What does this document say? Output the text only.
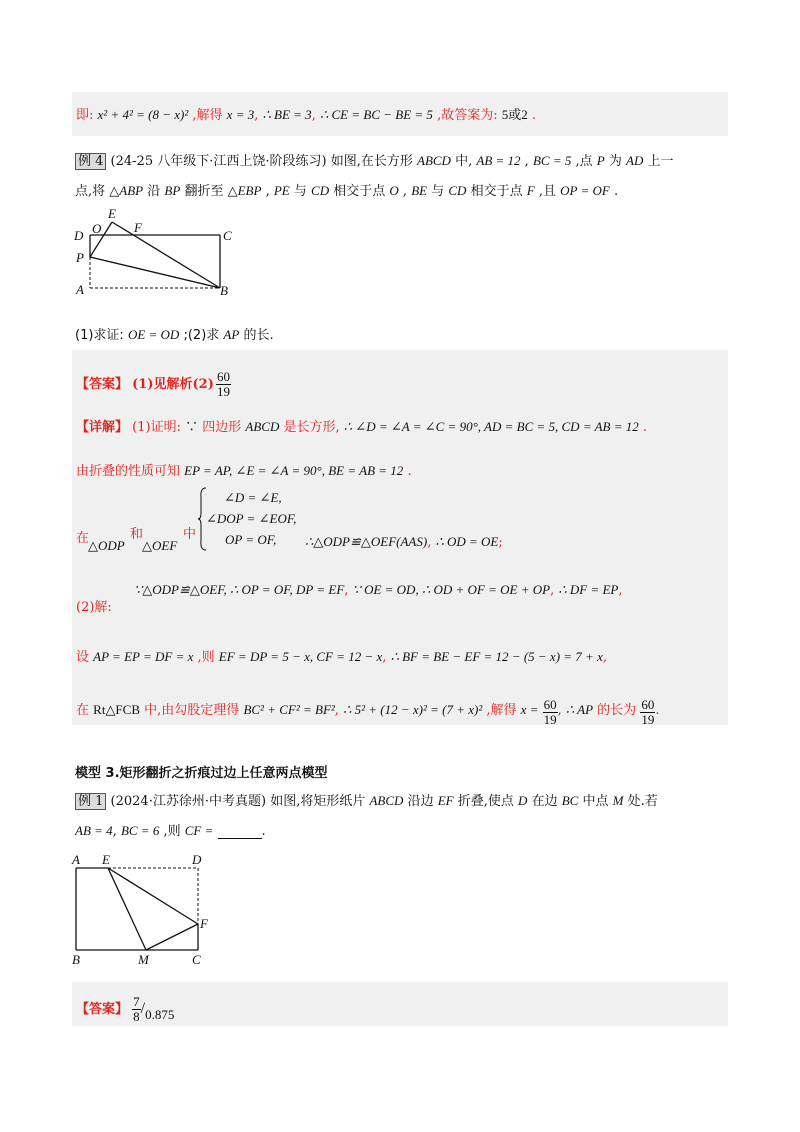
即: x² + 4² = (8 − x)² ,解得 x = 3, ∴ BE = 3, ∴ CE = BC − BE = 5 ,故答案为: 5或2 .
例 4 (24-25 八年级下·江西上饶·阶段练习) 如图,在长方形 ABCD 中, AB = 12 , BC = 5 ,点 P 为 AD 上一
点,将 △ABP 沿 BP 翻折至 △EBP , PE 与 CD 相交于点 O , BE 与 CD 相交于点 F ,且 OP = OF .
E
O	F
D	C
P
A	B
(1)求证: OE = OD ;(2)求 AP 的长.
【答案】 (1)见解析$(2) \frac{60}{19}$
【详解】 (1)证明: ∵ 四边形 ABCD 是长方形, ∴ ∠D = ∠A = ∠C = 90°, AD = BC = 5, CD = AB = 12 .
由折叠的性质可知 EP = AP, ∠E = ∠A = 90°, BE = AB = 12 .
在
△ODP
和
△OEF
中
∠D = ∠E,
∠DOP = ∠EOF,
OP = OF, ∴△ODP≌△OEF(AAS), ∴ OD = OE;
(2)解:
∵△ODP≌△OEF, ∴ OP = OF, DP = EF, ∵ OE = OD, ∴ OD + OF = OE + OP, ∴ DF = EP,
设 AP = EP = DF = x ,则 EF = DP = 5 − x, CF = 12 − x, ∴ BF = BE − EF = 12 − (5 − x) = 7 + x,
在 Rt△FCB 中,由勾股定理得 BC² + CF² = BF², ∴ 5² + (12 − x)² = (7 + x)² ,解得 $x = \frac{60}{19}$ , ∴ AP 的长为 $\frac{60}{19}$ .
模型 3.矩形翻折之折痕过边上任意两点模型
例 1 (2024·江苏徐州·中考真题) 如图,将矩形纸片 ABCD 沿边 EF 折叠,使点 D 在边 BC 中点 M 处.若
AB = 4, BC = 6 ,则 CF =	.
A E	D
F
B	M	C
【答案】 $\frac{7}{8} /0.875$
